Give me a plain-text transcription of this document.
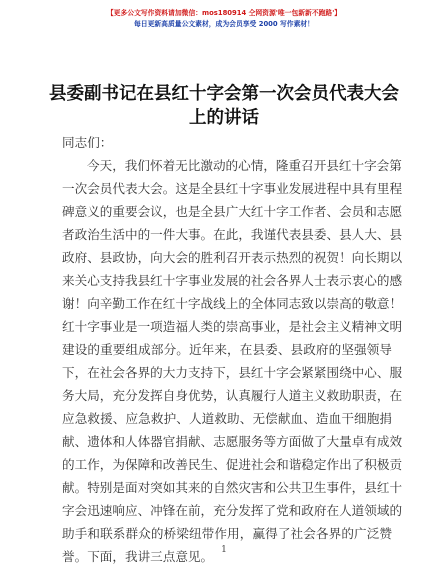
【更多公文写作资料请加微信：mos180914 仝网资源'唯一包新新不跑路'】
每日更新高质量公文素材，成为会员享受 2000 写作素材！
县委副书记在县红十字会第一次会员代表大会
上的讲话
同志们：
今天，我们怀着无比激动的心情，隆重召开县红十字会第
一次会员代表大会。这是全县红十字事业发展进程中具有里程
碑意义的重要会议，也是全县广大红十字工作者、会员和志愿
者政治生活中的一件大事。在此，我谨代表县委、县人大、县
政府、县政协，向大会的胜利召开表示热烈的祝贺！向长期以
来关心支持我县红十字事业发展的社会各界人士表示衷心的感
谢！向辛勤工作在红十字战线上的全体同志致以崇高的敬意！
红十字事业是一项造福人类的崇高事业，是社会主义精神文明
建设的重要组成部分。近年来，在县委、县政府的坚强领导
下，在社会各界的大力支持下，县红十字会紧紧围绕中心、服
务大局，充分发挥自身优势，认真履行人道主义救助职责，在
应急救援、应急救护、人道救助、无偿献血、造血干细胞捐
献、遗体和人体器官捐献、志愿服务等方面做了大量卓有成效
的工作，为保障和改善民生、促进社会和谐稳定作出了积极贡
献。特别是面对突如其来的自然灾害和公共卫生事件，县红十
字会迅速响应、冲锋在前，充分发挥了党和政府在人道领域的
助手和联系群众的桥梁纽带作用，赢得了社会各界的广泛赞
誉。下面，我讲三点意见。 1
